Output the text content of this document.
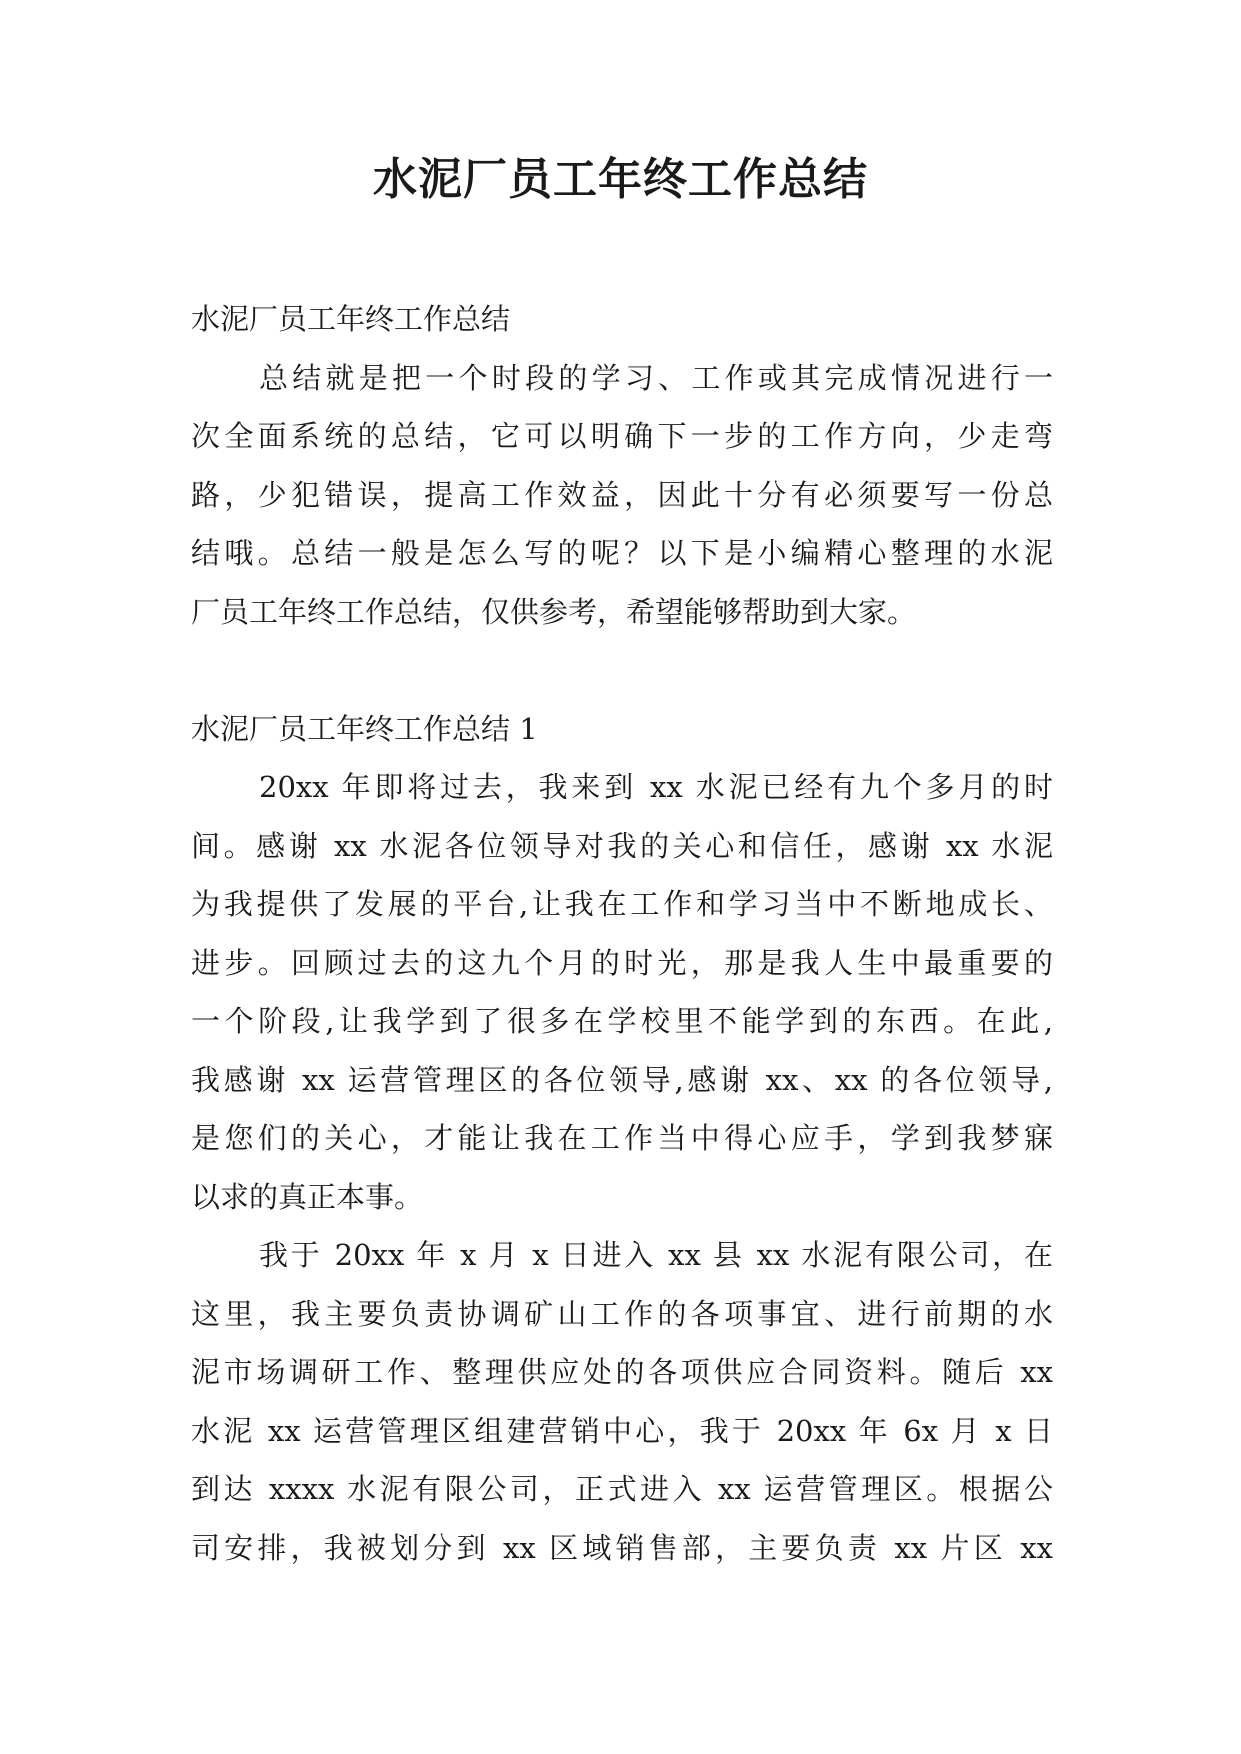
水泥厂员工年终工作总结
水泥厂员工年终工作总结
总结就是把一个时段的学习、工作或其完成情况进行一
次全面系统的总结，它可以明确下一步的工作方向，少走弯
路，少犯错误，提高工作效益，因此十分有必须要写一份总
结哦。总结一般是怎么写的呢？以下是小编精心整理的水泥
厂员工年终工作总结，仅供参考，希望能够帮助到大家。
水泥厂员工年终工作总结 1
20xx 年即将过去，我来到 xx 水泥已经有九个多月的时
间。感谢 xx 水泥各位领导对我的关心和信任，感谢 xx 水泥
为我提供了发展的平台,让我在工作和学习当中不断地成长、
进步。回顾过去的这九个月的时光，那是我人生中最重要的
一个阶段,让我学到了很多在学校里不能学到的东西。在此,
我感谢 xx 运营管理区的各位领导,感谢 xx、xx 的各位领导,
是您们的关心，才能让我在工作当中得心应手，学到我梦寐
以求的真正本事。
我于 20xx 年 x 月 x 日进入 xx 县 xx 水泥有限公司，在
这里，我主要负责协调矿山工作的各项事宜、进行前期的水
泥市场调研工作、整理供应处的各项供应合同资料。随后 xx
水泥 xx 运营管理区组建营销中心，我于 20xx 年 6x 月 x 日
到达 xxxx 水泥有限公司，正式进入 xx 运营管理区。根据公
司安排，我被划分到 xx 区域销售部，主要负责 xx 片区 xx
